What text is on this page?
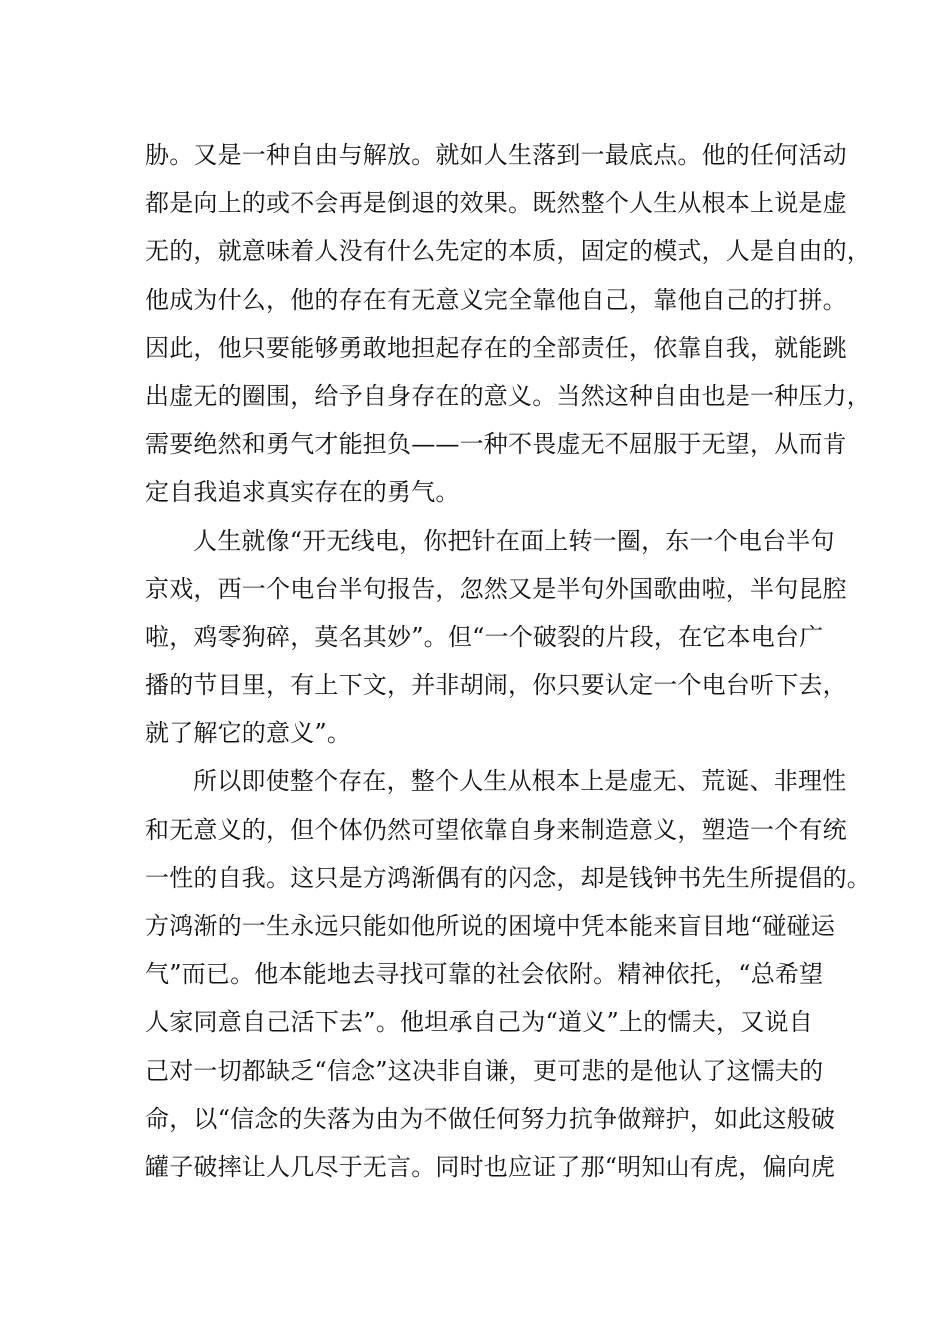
胁。又是一种自由与解放。就如人生落到一最底点。他的任何活动
都是向上的或不会再是倒退的效果。既然整个人生从根本上说是虚
无的，就意味着人没有什么先定的本质，固定的模式，人是自由的，
他成为什么，他的存在有无意义完全靠他自己，靠他自己的打拼。
因此，他只要能够勇敢地担起存在的全部责任，依靠自我，就能跳
出虚无的圈围，给予自身存在的意义。当然这种自由也是一种压力，
需要绝然和勇气才能担负——一种不畏虚无不屈服于无望，从而肯
定自我追求真实存在的勇气。
人生就像“开无线电，你把针在面上转一圈，东一个电台半句
京戏，西一个电台半句报告，忽然又是半句外国歌曲啦，半句昆腔
啦，鸡零狗碎，莫名其妙”。但“一个破裂的片段，在它本电台广
播的节目里，有上下文，并非胡闹，你只要认定一个电台听下去，
就了解它的意义”。
所以即使整个存在，整个人生从根本上是虚无、荒诞、非理性
和无意义的，但个体仍然可望依靠自身来制造意义，塑造一个有统
一性的自我。这只是方鸿渐偶有的闪念，却是钱钟书先生所提倡的。
方鸿渐的一生永远只能如他所说的困境中凭本能来盲目地“碰碰运
气”而已。他本能地去寻找可靠的社会依附。精神依托，“总希望
人家同意自己活下去”。他坦承自己为“道义”上的懦夫，又说自
己对一切都缺乏“信念”这决非自谦，更可悲的是他认了这懦夫的
命，以“信念的失落为由为不做任何努力抗争做辩护，如此这般破
罐子破摔让人几尽于无言。同时也应证了那“明知山有虎，偏向虎
